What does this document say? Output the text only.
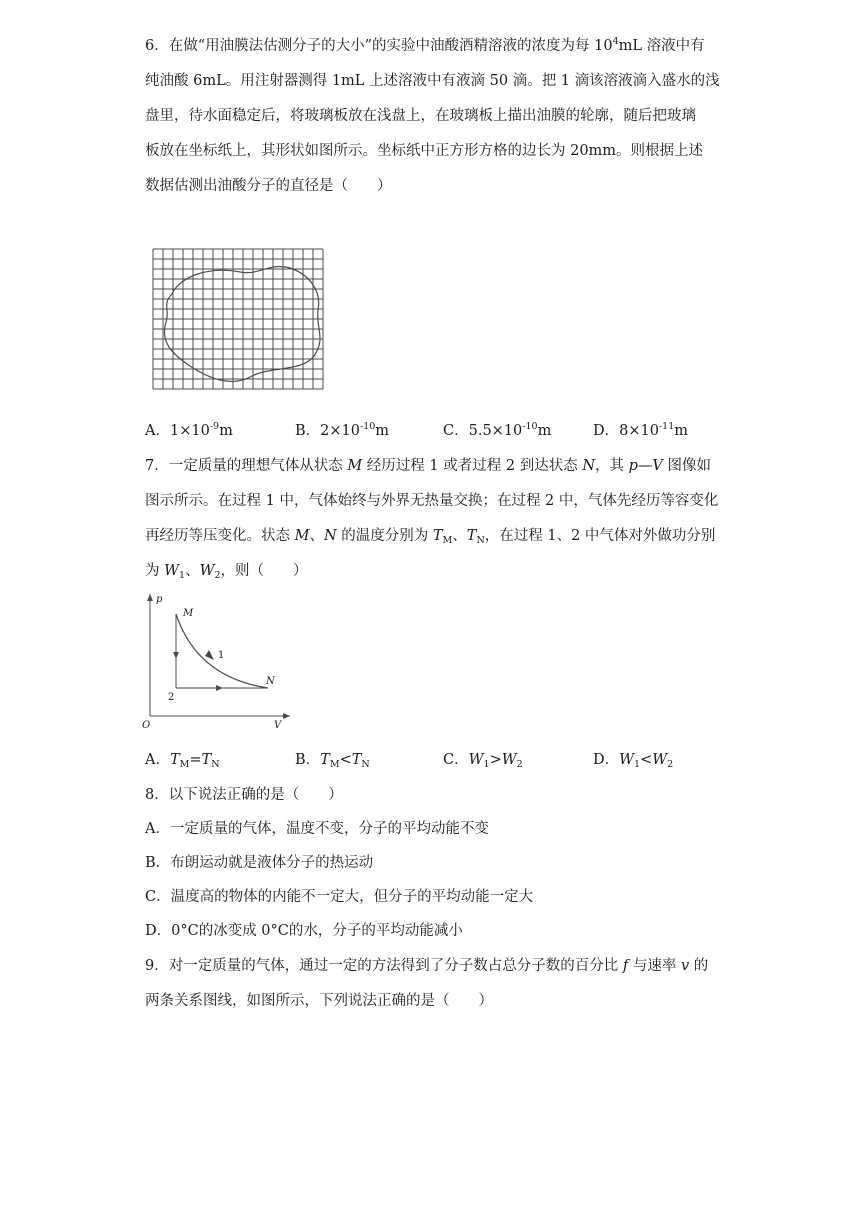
6．在做“用油膜法估测分子的大小”的实验中油酸酒精溶液的浓度为每 $10^4mL$ 溶液中有
纯油酸 6mL。用注射器测得 1mL 上述溶液中有液滴 50 滴。把 1 滴该溶液滴入盛水的浅
盘里，待水面稳定后，将玻璃板放在浅盘上，在玻璃板上描出油膜的轮廓，随后把玻璃
板放在坐标纸上，其形状如图所示。坐标纸中正方形方格的边长为 20mm。则根据上述
数据估测出油酸分子的直径是（　　）
A．$1\times 10^{-9}m$	B．$2\times 10^{-10}m$	C．$5.5\times 10^{-10}m$	D．$8\times 10^{-11}m$
7．一定质量的理想气体从状态 M 经历过程 1 或者过程 2 到达状态 N，其 p—V 图像如
图示所示。在过程 1 中，气体始终与外界无热量交换；在过程 2 中，气体先经历等容变化
再经历等压变化。状态 M、N 的温度分别为 $T_M$、$T_N$，在过程 1、2 中气体对外做功分别
为 $W_1$、$W_2$，则（　　）
p
V
O
M
N
1
2
A．$T_M=T_N$	B．$T_M<T_N$	C．$W_1>W_2$	D．$W_1<W_2$
8．以下说法正确的是（　　）
A．一定质量的气体，温度不变，分子的平均动能不变
B．布朗运动就是液体分子的热运动
C．温度高的物体的内能不一定大，但分子的平均动能一定大
D．0°C的冰变成 0°C的水，分子的平均动能减小
9．对一定质量的气体，通过一定的方法得到了分子数占总分子数的百分比 f 与速率 v 的
两条关系图线，如图所示，下列说法正确的是（　　）
